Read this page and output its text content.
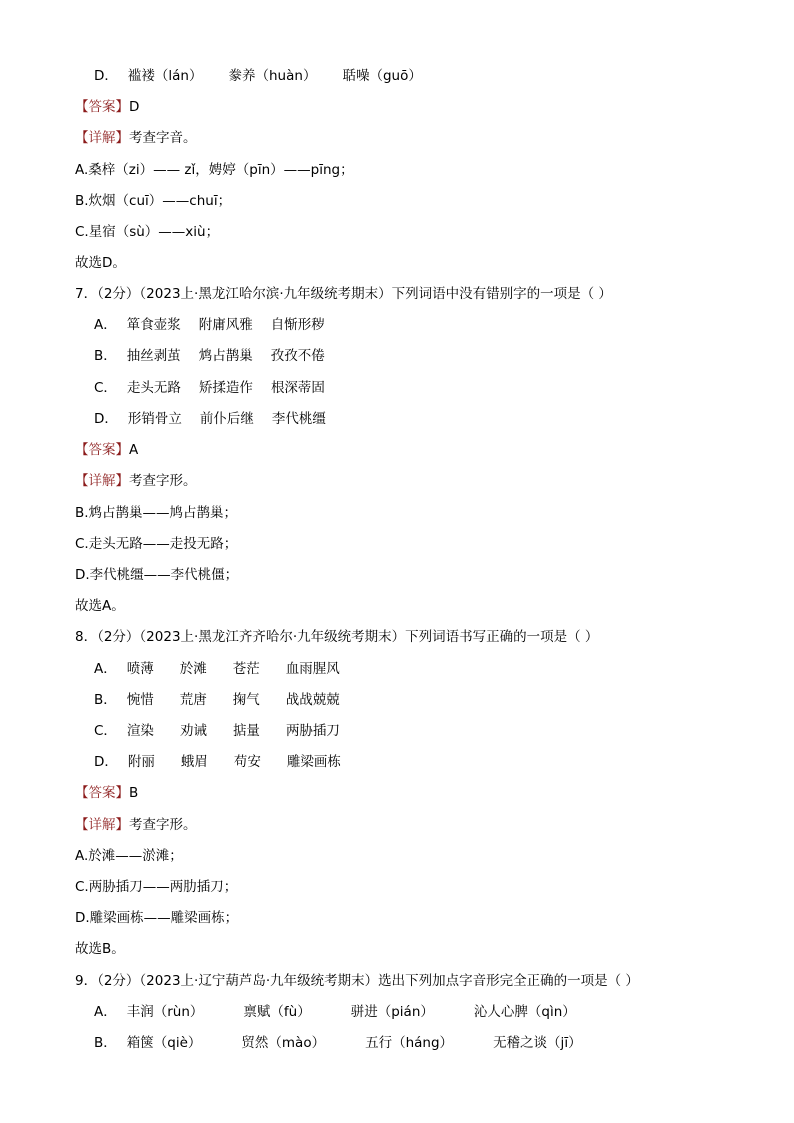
D． 褴褛（lán） 豢养（huàn） 聒噪（guō）
【答案】D
【详解】考查字音。
A.桑梓（zi）—— zǐ，娉婷（pīn）——pīng；
B.炊烟（cuī）——chuī；
C.星宿（sù）——xiù；
故选D。
7．（2分）（2023上·黑龙江哈尔滨·九年级统考期末）下列词语中没有错别字的一项是（ ）
A． 箪食壶浆 附庸风雅 自惭形秽
B． 抽丝剥茧 鸩占鹊巢 孜孜不倦
C． 走头无路 矫揉造作 根深蒂固
D． 形销骨立 前仆后继 李代桃缰
【答案】A
【详解】考查字形。
B.鸩占鹊巢——鸠占鹊巢；
C.走头无路——走投无路；
D.李代桃缰——李代桃僵；
故选A。
8．（2分）（2023上·黑龙江齐齐哈尔·九年级统考期末）下列词语书写正确的一项是（ ）
A． 喷薄 於滩 苍茫 血雨腥风
B． 惋惜 荒唐 掬气 战战兢兢
C． 渲染 劝诫 掂量 两胁插刀
D． 附丽 蛾眉 苟安 雕梁画栋
【答案】B
【详解】考查字形。
A.於滩——淤滩；
C.两胁插刀——两肋插刀；
D.雕梁画栋——雕梁画栋；
故选B。
9．（2分）（2023上·辽宁葫芦岛·九年级统考期末）选出下列加点字音形完全正确的一项是（ ）
A． 丰润（rùn）	禀赋（fù）	骈进（pián）	沁人心脾（qìn）
B． 箱箧（qiè）	贸然（mào）	五行（háng）	无稽之谈（jī）
